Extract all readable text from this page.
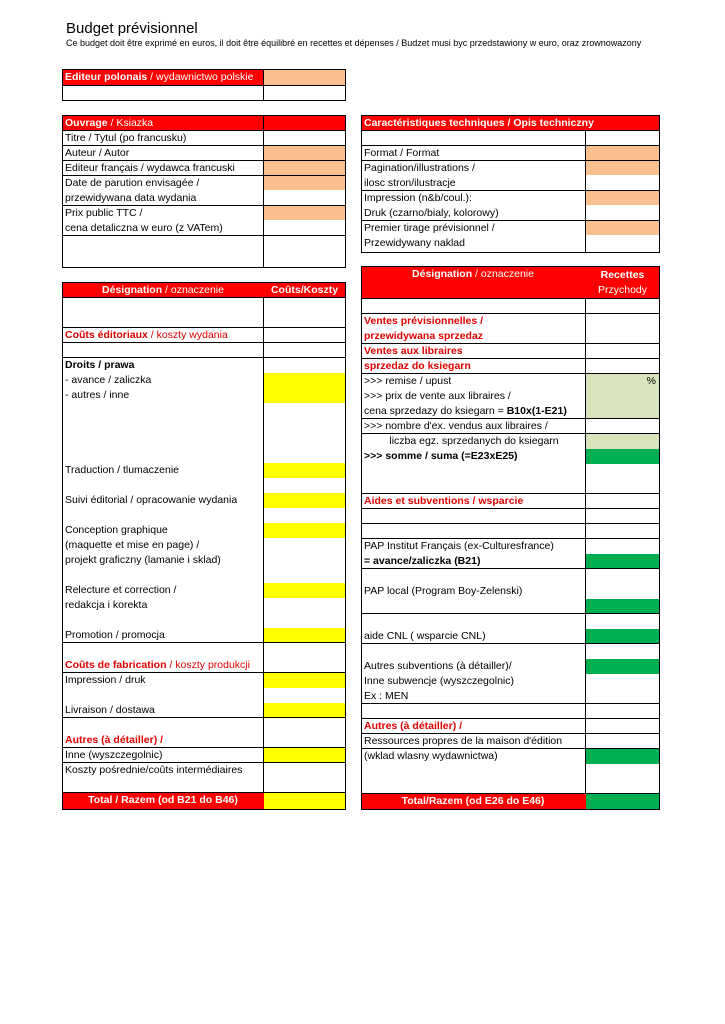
Budget prévisionnel
Ce budget doit être exprimé en euros, il doit être équilibré en recettes et dépenses / Budzet musi byc przedstawiony w euro, oraz zrownowazony
Editeur polonais / wydawnictwo polskie
Ouvrage / Ksiazka
Titre / Tytul (po francusku)
Auteur / Autor
Editeur français / wydawca francuski
Date de parution envisagée /
przewidywana data wydania
Prix public TTC /
cena detaliczna w euro (z VATem)
Caractéristiques techniques / Opis techniczny
Format / Format
Pagination/illustrations /
ilosc stron/ilustracje
Impression (n&b/coul.):
Druk (czarno/bialy, kolorowy)
Premier tirage prévisionnel /
Przewidywany naklad
Désignation / oznaczenie	Coûts/Koszty
Coûts éditoriaux / koszty wydania
Droits / prawa
- avance / zaliczka
- autres / inne
Traduction / tlumaczenie
Suivi éditorial / opracowanie wydania
Conception graphique
(maquette et mise en page) /
projekt graficzny (lamanie i sklad)
Relecture et correction /
redakcja i korekta
Promotion / promocja
Coûts de fabrication / koszty produkcji
Impression / druk
Livraison / dostawa
Autres (à détailler) /
Inne (wyszczegolnic)
Koszty pośrednie/coûts intermédiaires
Total / Razem (od B21 do B46)
Désignation / oznaczenie	Recettes
Przychody
Ventes prévisionnelles /
przewidywana sprzedaz
Ventes aux libraires
sprzedaz do ksiegarn
>>> remise / upust	%
>>> prix de vente aux libraires /
cena sprzedazy do ksiegarn = B10x(1-E21)
>>> nombre d'ex. vendus aux libraires /
liczba egz. sprzedanych do ksiegarn
>>> somme / suma (=E23xE25)
Aides et subventions / wsparcie
PAP Institut Français (ex-Culturesfrance)
= avance/zaliczka (B21)
PAP local (Program Boy-Zelenski)
aide CNL ( wsparcie CNL)
Autres subventions (à détailler)/
Inne subwencje (wyszczegolnic)
Ex : MEN
Autres (à détailler) /
Ressources propres de la maison d'édition
(wklad wlasny wydawnictwa)
Total/Razem (od E26 do E46)
